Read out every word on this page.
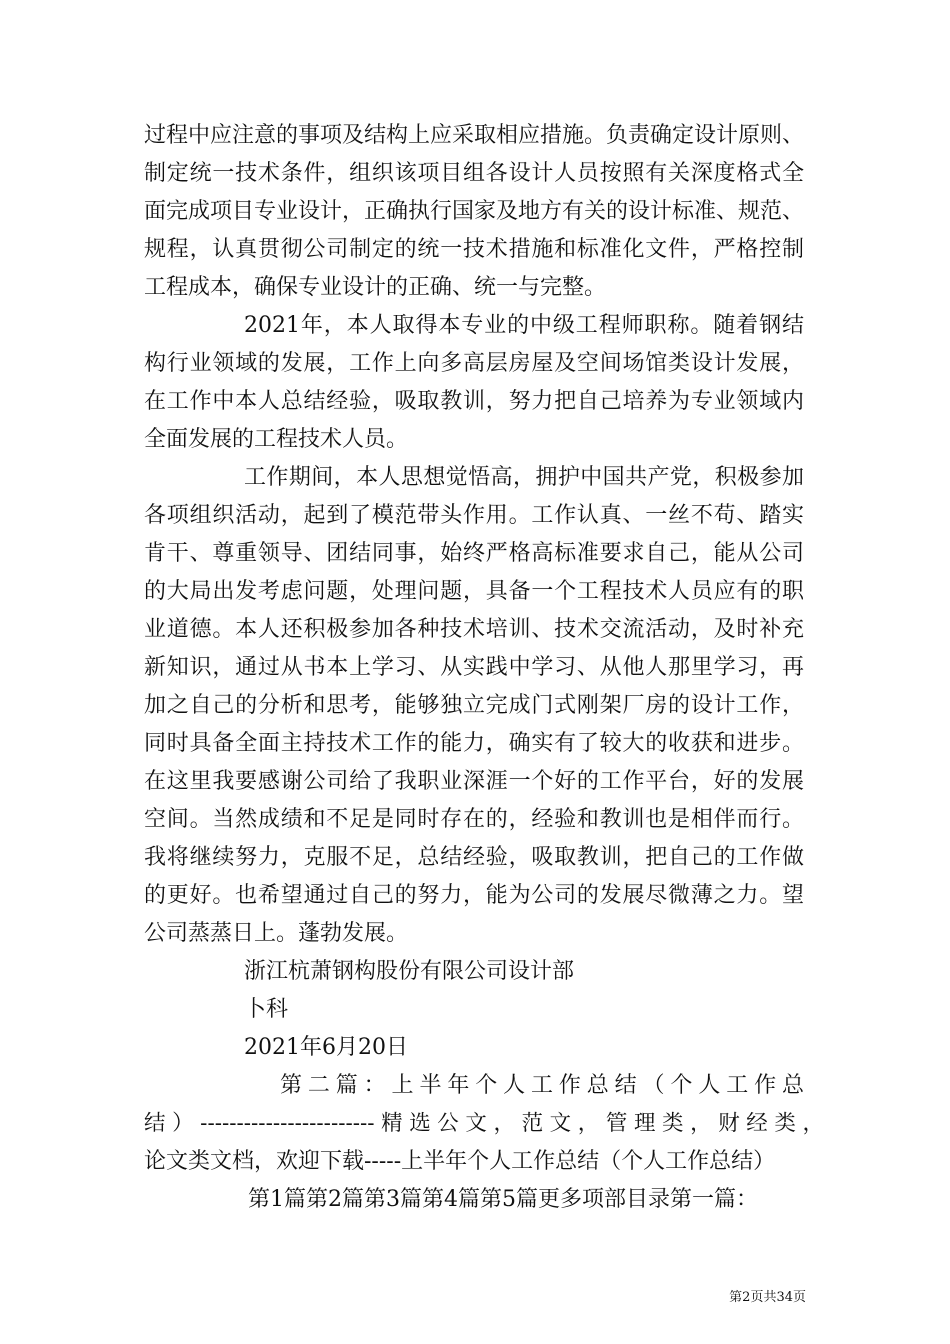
过程中应注意的事项及结构上应采取相应措施。负责确定设计原则、
制定统一技术条件，组织该项目组各设计人员按照有关深度格式全
面完成项目专业设计，正确执行国家及地方有关的设计标准、规范、
规程，认真贯彻公司制定的统一技术措施和标准化文件，严格控制
工程成本，确保专业设计的正确、统一与完整。
2021年，本人取得本专业的中级工程师职称。随着钢结
构行业领域的发展，工作上向多高层房屋及空间场馆类设计发展，
在工作中本人总结经验，吸取教训，努力把自己培养为专业领域内
全面发展的工程技术人员。
工作期间，本人思想觉悟高，拥护中国共产党，积极参加
各项组织活动，起到了模范带头作用。工作认真、一丝不苟、踏实
肯干、尊重领导、团结同事，始终严格高标准要求自己，能从公司
的大局出发考虑问题，处理问题，具备一个工程技术人员应有的职
业道德。本人还积极参加各种技术培训、技术交流活动，及时补充
新知识，通过从书本上学习、从实践中学习、从他人那里学习，再
加之自己的分析和思考，能够独立完成门式刚架厂房的设计工作，
同时具备全面主持技术工作的能力，确实有了较大的收获和进步。
在这里我要感谢公司给了我职业深涯一个好的工作平台，好的发展
空间。当然成绩和不足是同时存在的，经验和教训也是相伴而行。
我将继续努力，克服不足，总结经验，吸取教训，把自己的工作做
的更好。也希望通过自己的努力，能为公司的发展尽微薄之力。望
公司蒸蒸日上。蓬勃发展。
浙江杭萧钢构股份有限公司设计部
卜科
2021年6月20日
第二篇：上半年个人工作总结（个人工作总
结）------------------------精选公文，范文，管理类，财经类，
论文类文档，欢迎下载-----上半年个人工作总结（个人工作总结）
第1篇第2篇第3篇第4篇第5篇更多项部目录第一篇：
第2页共34页
